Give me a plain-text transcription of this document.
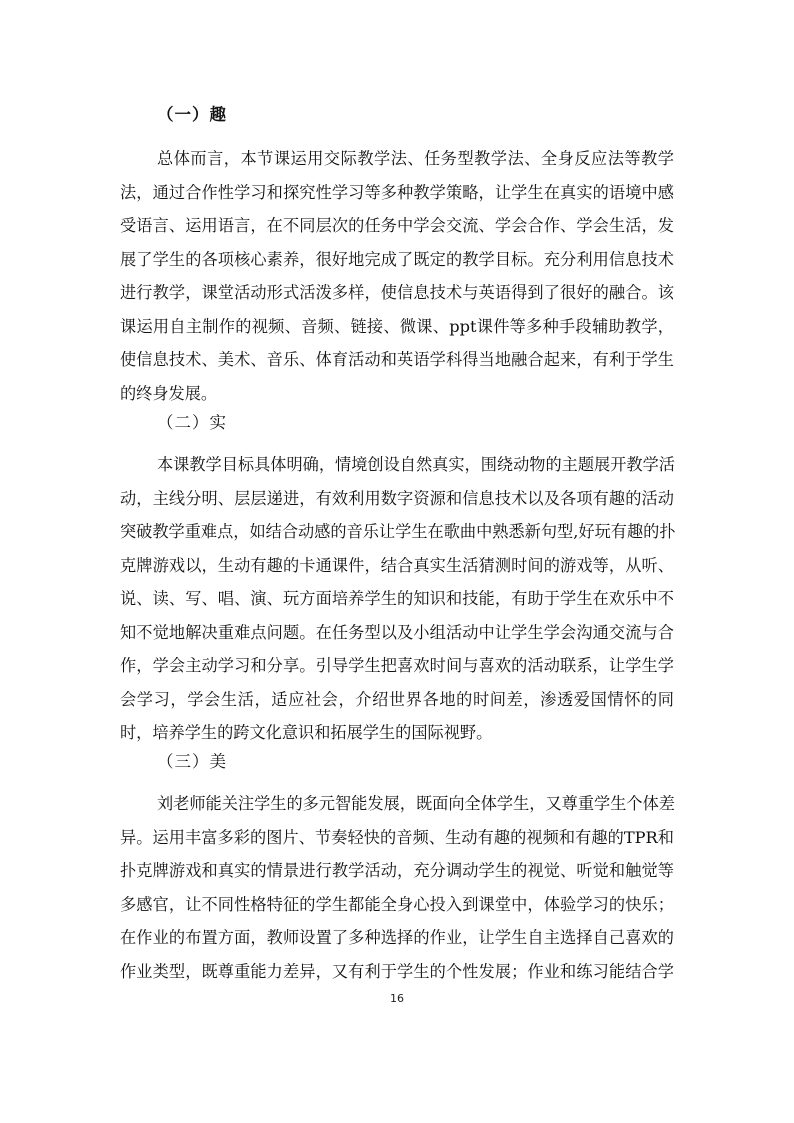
（一）趣
总体而言，本节课运用交际教学法、任务型教学法、全身反应法等教学
法，通过合作性学习和探究性学习等多种教学策略，让学生在真实的语境中感
受语言、运用语言，在不同层次的任务中学会交流、学会合作、学会生活，发
展了学生的各项核心素养，很好地完成了既定的教学目标。充分利用信息技术
进行教学，课堂活动形式活泼多样，使信息技术与英语得到了很好的融合。该
课运用自主制作的视频、音频、链接、微课、ppt课件等多种手段辅助教学，
使信息技术、美术、音乐、体育活动和英语学科得当地融合起来，有利于学生
的终身发展。
（二）实
本课教学目标具体明确，情境创设自然真实，围绕动物的主题展开教学活
动，主线分明、层层递进，有效利用数字资源和信息技术以及各项有趣的活动
突破教学重难点，如结合动感的音乐让学生在歌曲中熟悉新句型,好玩有趣的扑
克牌游戏以，生动有趣的卡通课件，结合真实生活猜测时间的游戏等，从听、
说、读、写、唱、演、玩方面培养学生的知识和技能，有助于学生在欢乐中不
知不觉地解决重难点问题。在任务型以及小组活动中让学生学会沟通交流与合
作，学会主动学习和分享。引导学生把喜欢时间与喜欢的活动联系，让学生学
会学习，学会生活，适应社会，介绍世界各地的时间差，渗透爱国情怀的同
时，培养学生的跨文化意识和拓展学生的国际视野。
（三）美
刘老师能关注学生的多元智能发展，既面向全体学生，又尊重学生个体差
异。运用丰富多彩的图片、节奏轻快的音频、生动有趣的视频和有趣的TPR和
扑克牌游戏和真实的情景进行教学活动，充分调动学生的视觉、听觉和触觉等
多感官，让不同性格特征的学生都能全身心投入到课堂中，体验学习的快乐；
在作业的布置方面，教师设置了多种选择的作业，让学生自主选择自己喜欢的
作业类型，既尊重能力差异，又有利于学生的个性发展；作业和练习能结合学
16
